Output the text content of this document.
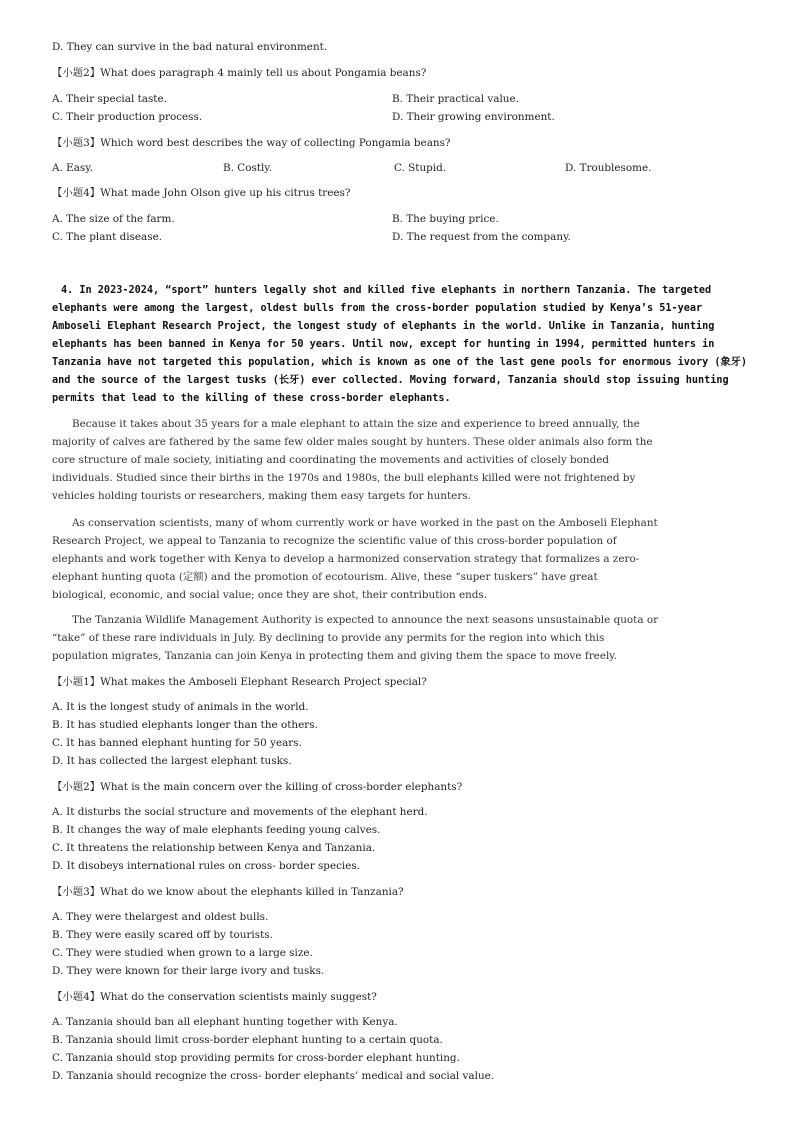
D. They can survive in the bad natural environment.
【小题2】What does paragraph 4 mainly tell us about Pongamia beans?
A. Their special taste.	B. Their practical value.
C. Their production process.	D. Their growing environment.
【小题3】Which word best describes the way of collecting Pongamia beans?
A. Easy.	B. Costly.	C. Stupid.	D. Troublesome.
【小题4】What made John Olson give up his citrus trees?
A. The size of the farm.	B. The buying price.
C. The plant disease.	D. The request from the company.
4. In 2023-2024, “sport” hunters legally shot and killed five elephants in northern Tanzania. The targeted
elephants were among the largest, oldest bulls from the cross-border population studied by Kenya’s 51-year
Amboseli Elephant Research Project, the longest study of elephants in the world. Unlike in Tanzania, hunting
elephants has been banned in Kenya for 50 years. Until now, except for hunting in 1994, permitted hunters in
Tanzania have not targeted this population, which is known as one of the last gene pools for enormous ivory (象牙)
and the source of the largest tusks (长牙) ever collected. Moving forward, Tanzania should stop issuing hunting
permits that lead to the killing of these cross-border elephants.
Because it takes about 35 years for a male elephant to attain the size and experience to breed annually, the
majority of calves are fathered by the same few older males sought by hunters. These older animals also form the
core structure of male society, initiating and coordinating the movements and activities of closely bonded
individuals. Studied since their births in the 1970s and 1980s, the bull elephants killed were not frightened by
vehicles holding tourists or researchers, making them easy targets for hunters.
As conservation scientists, many of whom currently work or have worked in the past on the Amboseli Elephant
Research Project, we appeal to Tanzania to recognize the scientific value of this cross-border population of
elephants and work together with Kenya to develop a harmonized conservation strategy that formalizes a zero-
elephant hunting quota (定额) and the promotion of ecotourism. Alive, these “super tuskers” have great
biological, economic, and social value; once they are shot, their contribution ends.
The Tanzania Wildlife Management Authority is expected to announce the next seasons unsustainable quota or
“take” of these rare individuals in July. By declining to provide any permits for the region into which this
population migrates, Tanzania can join Kenya in protecting them and giving them the space to move freely.
【小题1】What makes the Amboseli Elephant Research Project special?
A. It is the longest study of animals in the world.
B. It has studied elephants longer than the others.
C. It has banned elephant hunting for 50 years.
D. It has collected the largest elephant tusks.
【小题2】What is the main concern over the killing of cross-border elephants?
A. It disturbs the social structure and movements of the elephant herd.
B. It changes the way of male elephants feeding young calves.
C. It threatens the relationship between Kenya and Tanzania.
D. It disobeys international rules on cross- border species.
【小题3】What do we know about the elephants killed in Tanzania?
A. They were thelargest and oldest bulls.
B. They were easily scared off by tourists.
C. They were studied when grown to a large size.
D. They were known for their large ivory and tusks.
【小题4】What do the conservation scientists mainly suggest?
A. Tanzania should ban all elephant hunting together with Kenya.
B. Tanzania should limit cross-border elephant hunting to a certain quota.
C. Tanzania should stop providing permits for cross-border elephant hunting.
D. Tanzania should recognize the cross- border elephants’ medical and social value.
